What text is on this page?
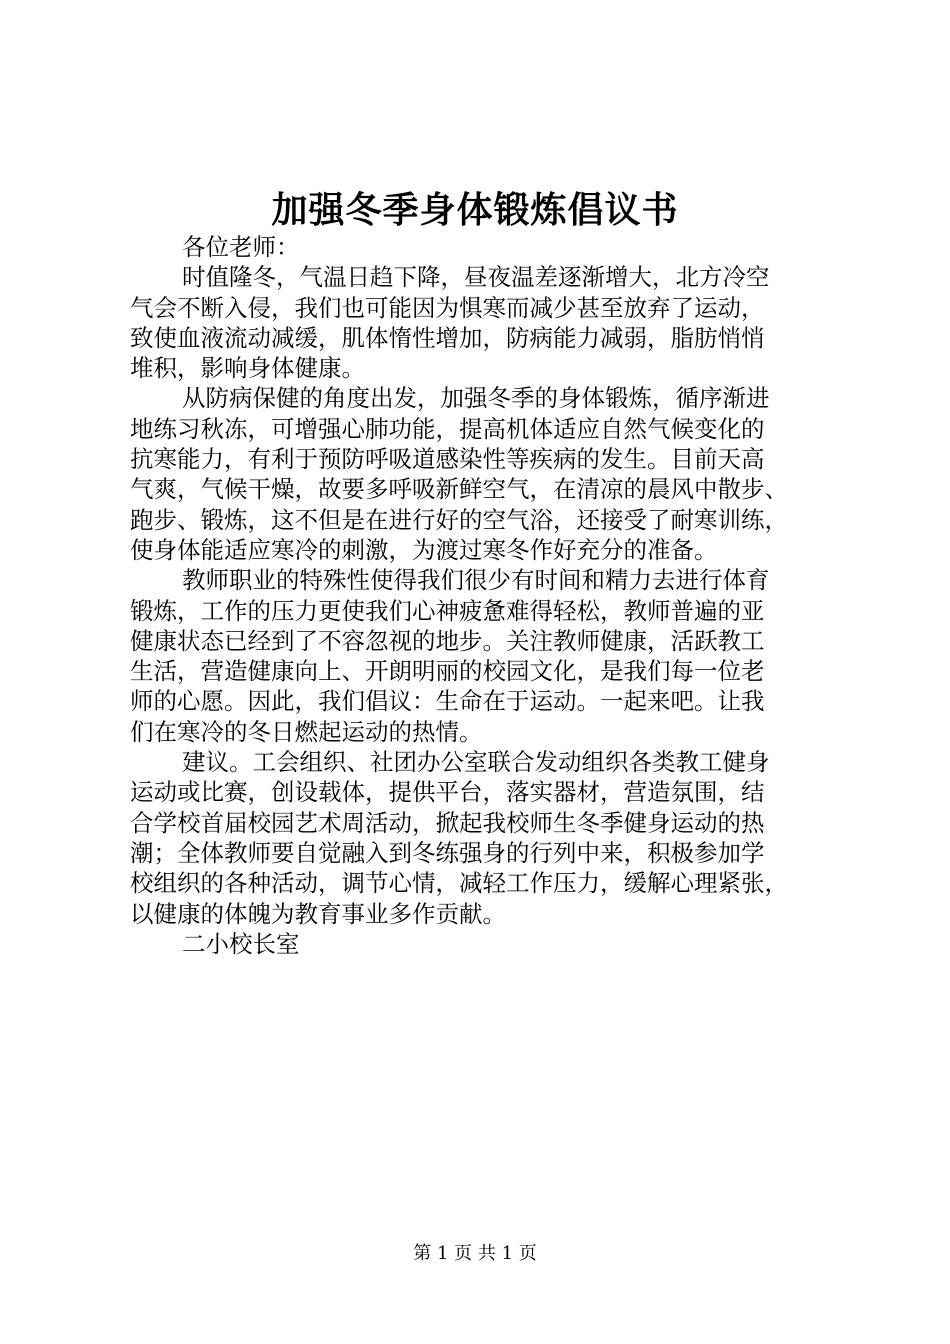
加强冬季身体锻炼倡议书
各位老师：
时值隆冬，气温日趋下降，昼夜温差逐渐增大，北方冷空
气会不断入侵，我们也可能因为惧寒而减少甚至放弃了运动，
致使血液流动减缓，肌体惰性增加，防病能力减弱，脂肪悄悄
堆积，影响身体健康。
从防病保健的角度出发，加强冬季的身体锻炼，循序渐进
地练习秋冻，可增强心肺功能，提高机体适应自然气候变化的
抗寒能力，有利于预防呼吸道感染性等疾病的发生。目前天高
气爽，气候干燥，故要多呼吸新鲜空气，在清凉的晨风中散步、
跑步、锻炼，这不但是在进行好的空气浴，还接受了耐寒训练，
使身体能适应寒冷的刺激，为渡过寒冬作好充分的准备。
教师职业的特殊性使得我们很少有时间和精力去进行体育
锻炼，工作的压力更使我们心神疲惫难得轻松，教师普遍的亚
健康状态已经到了不容忽视的地步。关注教师健康，活跃教工
生活，营造健康向上、开朗明丽的校园文化，是我们每一位老
师的心愿。因此，我们倡议：生命在于运动。一起来吧。让我
们在寒冷的冬日燃起运动的热情。
建议。工会组织、社团办公室联合发动组织各类教工健身
运动或比赛，创设载体，提供平台，落实器材，营造氛围，结
合学校首届校园艺术周活动，掀起我校师生冬季健身运动的热
潮；全体教师要自觉融入到冬练强身的行列中来，积极参加学
校组织的各种活动，调节心情，减轻工作压力，缓解心理紧张，
以健康的体魄为教育事业多作贡献。
二小校长室
第 1 页 共 1 页
